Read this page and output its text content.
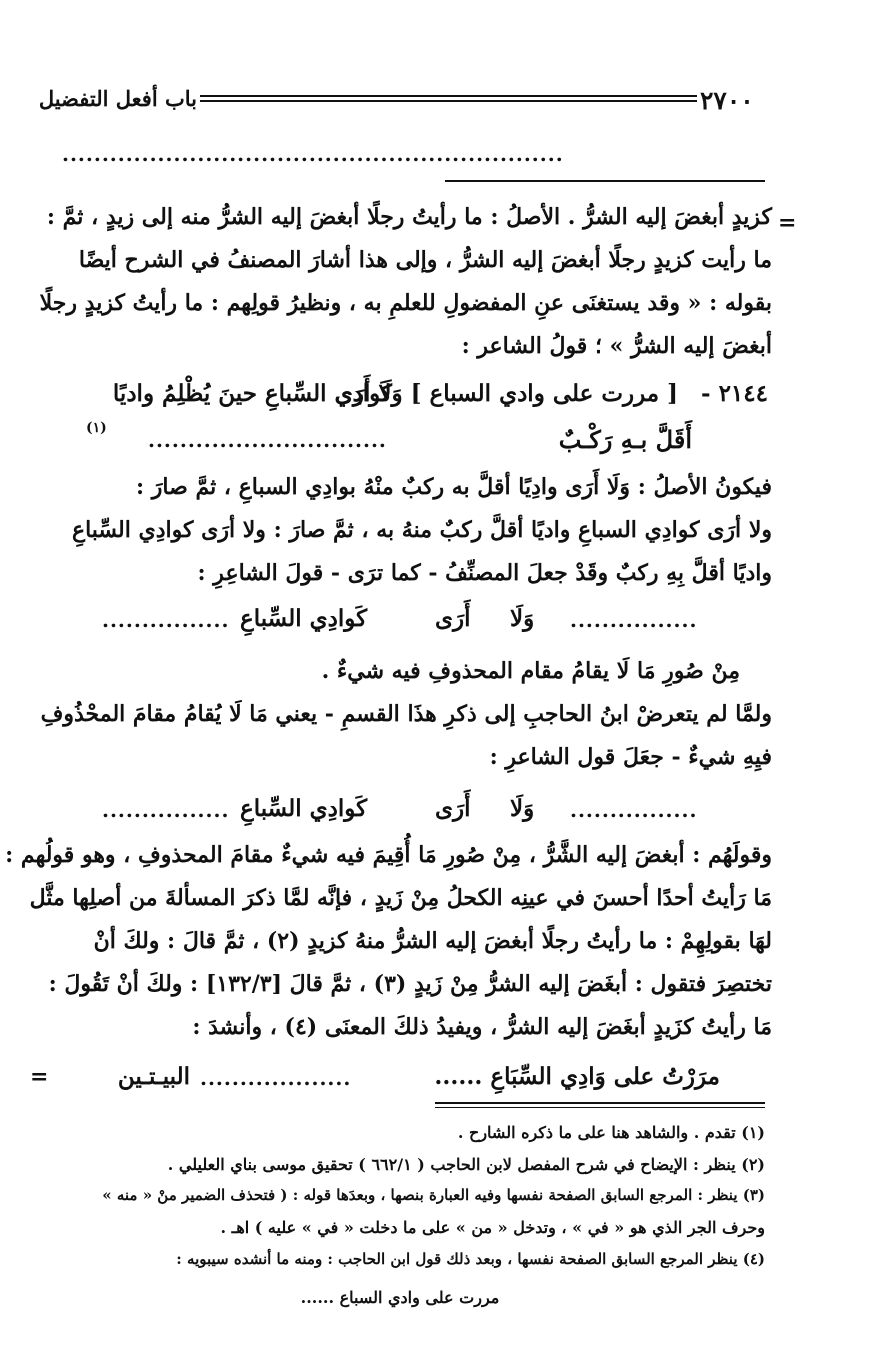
٢٧٠٠
باب أفعل التفضيل
...............................................................
=
كزيدٍ أبغضَ إليه الشرُّ . الأصلُ : ما رأيتُ رجلًا أبغضَ إليه الشرُّ منه إلى زيدٍ ، ثمَّ :
ما رأيت كزيدٍ رجلًا أبغضَ إليه الشرُّ ، وإلى هذا أشارَ المصنفُ في الشرح أيضًا
بقوله : « وقد يستغنَى عنِ المفضولِ للعلمِ به ، ونظيرُ قولِهم : ما رأيتُ كزيدٍ رجلًا
أبغضَ إليه الشرُّ » ؛ قولُ الشاعر :
٢١٤٤ -
[ مررت على وادي السباع ] وَلَا أَرَى
كَوادِي السِّباعِ حينَ يُظْلِمُ واديًا
أَقَلَّ بـهِ رَكْـبٌ
..............................
(١)
فيكونُ الأصلُ : وَلَا أَرَى وادِيًا أقلَّ به ركبٌ منْهُ بوادِي السباعِ ، ثمَّ صارَ :
ولا أرَى كوادِي السباعِ واديًا أقلَّ ركبٌ منهُ به ، ثمَّ صارَ : ولا أرَى كوادِي السِّباعِ
واديًا أقلَّ بِهِ ركبٌ وقَدْ جعلَ المصنِّفُ - كما ترَى - قولَ الشاعِرِ :
وَلَا
أَرَى
كَوادِي السِّباعِ
................	................
مِنْ صُورِ مَا لَا يقامُ مقام المحذوفِ فيه شيءٌ .
ولمَّا لم يتعرضْ ابنُ الحاجبِ إلى ذكرِ هذَا القسمِ - يعني مَا لَا يُقامُ مقامَ المحْذُوفِ
فيِهِ شيءٌ - جعَلَ قول الشاعرِ :
وَلَا
أَرَى
كَوادِي السِّباعِ
................	................
وقولَهُم : أبغضَ إليه الشَّرُّ ، مِنْ صُورِ مَا أُقِيمَ فيه شيءٌ مقامَ المحذوفِ ، وهو قولُهم :
مَا رَأيتُ أحدًا أحسنَ في عينِه الكحلُ مِنْ زَيدٍ ، فإنَّه لمَّا ذكرَ المسألةَ من أصلِها مثَّل
لهَا بقولِهِمْ : ما رأيتُ رجلًا أبغضَ إليه الشرُّ منهُ كزيدٍ (٢) ، ثمَّ قالَ : ولكَ أنْ
تختصِرَ فتقول : أبغَضَ إليه الشرُّ مِنْ زَيدٍ (٣) ، ثمَّ قالَ [١٣٢/٣] : ولكَ أنْ تَقُولَ :
مَا رأيتُ كزَيدٍ أبغَضَ إليه الشرُّ ، ويفيدُ ذلكَ المعنَى (٤) ، وأنشدَ :
مرَرْتُ على وَادِي السِّبَاعِ ......
...................
البيـتـين
=
(١) تقدم . والشاهد هنا على ما ذكره الشارح .
(٢) ينظر : الإيضاح في شرح المفصل لابن الحاجب ( ٦٦٢/١ ) تحقيق موسى بناي العليلي .
(٣) ينظر : المرجع السابق الصفحة نفسها وفيه العبارة بنصها ، وبعدَها قوله : ( فتحذف الضمير منْ « منه »
وحرف الجر الذي هو « في » ، وتدخل « من » على ما دخلت « في » عليه ) اهـ .
(٤) ينظر المرجع السابق الصفحة نفسها ، وبعد ذلك قول ابن الحاجب : ومنه ما أنشده سيبويه :
مررت على وادي السباع ......
